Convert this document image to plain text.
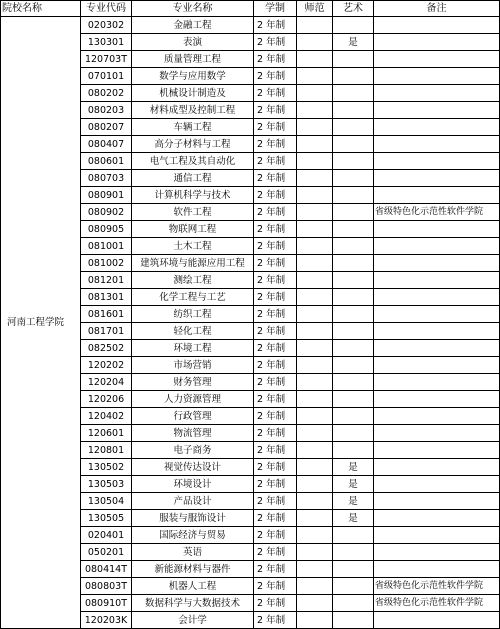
院校名称	专业代码	专业名称	学制	师范	艺术	备注
河南工程学院	020302	金融工程	2 年制			
	130301	表演	2 年制		是	
	120703T	质量管理工程	2 年制			
	070101	数学与应用数学	2 年制			
	080202	机械设计制造及	2 年制			
	080203	材料成型及控制工程	2 年制			
	080207	车辆工程	2 年制			
	080407	高分子材料与工程	2 年制			
	080601	电气工程及其自动化	2 年制			
	080703	通信工程	2 年制			
	080901	计算机科学与技术	2 年制			
	080902	软件工程	2 年制			省级特色化示范性软件学院
	080905	物联网工程	2 年制			
	081001	土木工程	2 年制			
	081002	建筑环境与能源应用工程	2 年制			
	081201	测绘工程	2 年制			
	081301	化学工程与工艺	2 年制			
	081601	纺织工程	2 年制			
	081701	轻化工程	2 年制			
	082502	环境工程	2 年制			
	120202	市场营销	2 年制			
	120204	财务管理	2 年制			
	120206	人力资源管理	2 年制			
	120402	行政管理	2 年制			
	120601	物流管理	2 年制			
	120801	电子商务	2 年制			
	130502	视觉传达设计	2 年制		是	
	130503	环境设计	2 年制		是	
	130504	产品设计	2 年制		是	
	130505	服装与服饰设计	2 年制		是	
	020401	国际经济与贸易	2 年制			
	050201	英语	2 年制			
	080414T	新能源材料与器件	2 年制			
	080803T	机器人工程	2 年制			省级特色化示范性软件学院
	080910T	数据科学与大数据技术	2 年制			省级特色化示范性软件学院
	120203K	会计学	2 年制			
